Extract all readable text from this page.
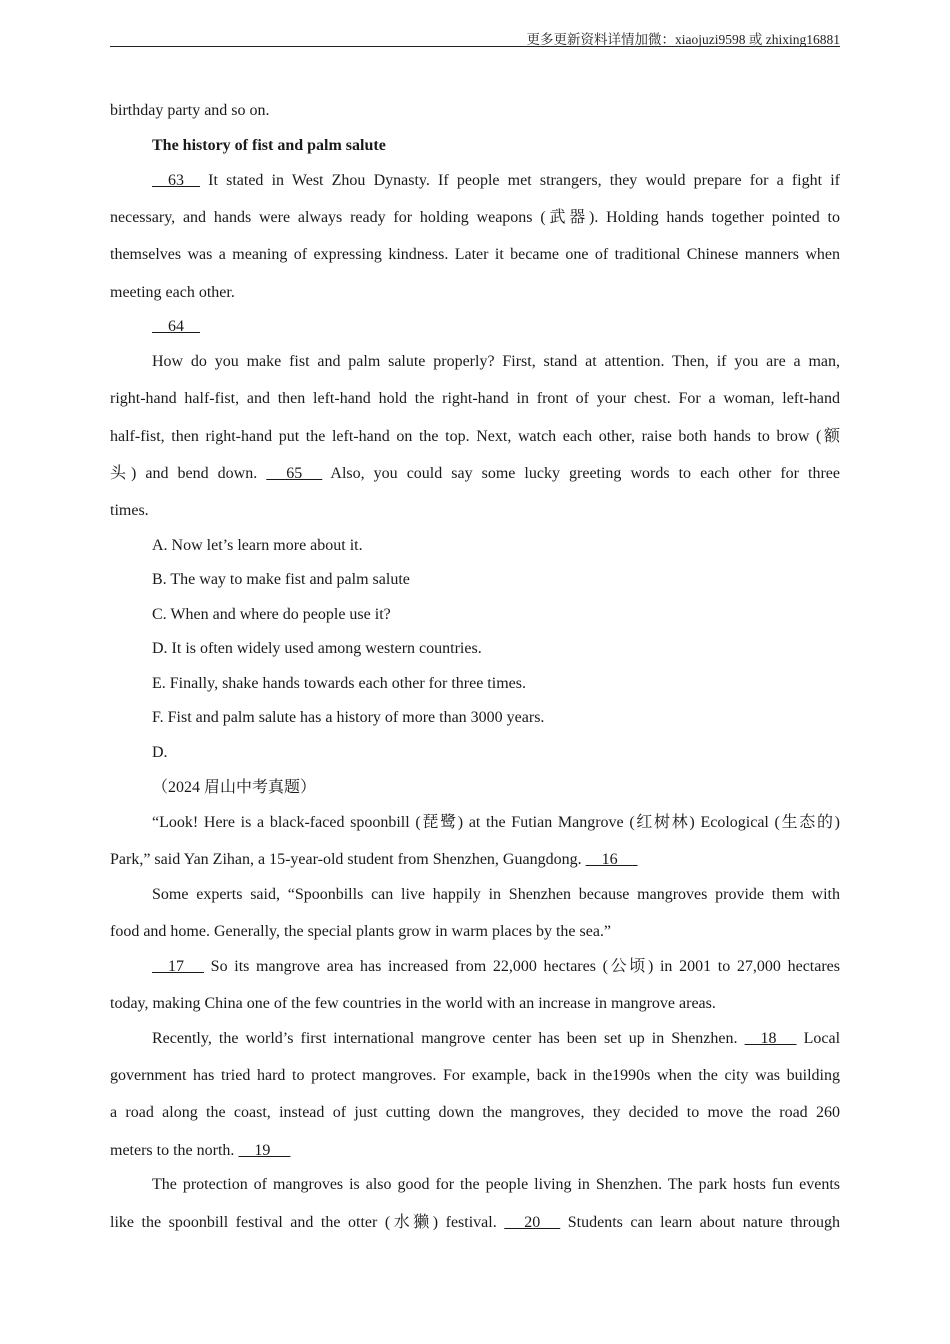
更多更新资料详情加微：xiaojuzi9598 或 zhixing16881
birthday party and so on.
The history of fist and palm salute
63     It stated in West Zhou Dynasty. If people met strangers, they would prepare for a fight if
necessary, and hands were always ready for holding weapons (武器). Holding hands together pointed to
themselves was a meaning of expressing kindness. Later it became one of traditional Chinese manners when
meeting each other.
64
How do you make fist and palm salute properly? First, stand at attention. Then, if you are a man,
right-hand half-fist, and then left-hand hold the right-hand in front of your chest. For a woman, left-hand
half-fist, then right-hand put the left-hand on the top. Next, watch each other, raise both hands to brow (额
头) and bend down.      65      Also, you could say some lucky greeting words to each other for three
times.
A. Now let’s learn more about it.
B. The way to make fist and palm salute
C. When and where do people use it?
D. It is often widely used among western countries.
E. Finally, shake hands towards each other for three times.
F. Fist and palm salute has a history of more than 3000 years.
D.
（2024 眉山中考真题）
“Look! Here is a black-faced spoonbill (琵鹭) at the Futian Mangrove (红树林) Ecological (生态的)
Park,” said Yan Zihan, a 15-year-old student from Shenzhen, Guangdong.     16
Some experts said, “Spoonbills can live happily in Shenzhen because mangroves provide them with
food and home. Generally, the special plants grow in warm places by the sea.”
17      So its mangrove area has increased from 22,000 hectares (公顷) in 2001 to 27,000 hectares
today, making China one of the few countries in the world with an increase in mangrove areas.
Recently, the world’s first international mangrove center has been set up in Shenzhen.     18      Local
government has tried hard to protect mangroves. For example, back in the1990s when the city was building
a road along the coast, instead of just cutting down the mangroves, they decided to move the road 260
meters to the north.     19
The protection of mangroves is also good for the people living in Shenzhen. The park hosts fun events
like the spoonbill festival and the otter (水獭) festival.      20      Students can learn about nature through
